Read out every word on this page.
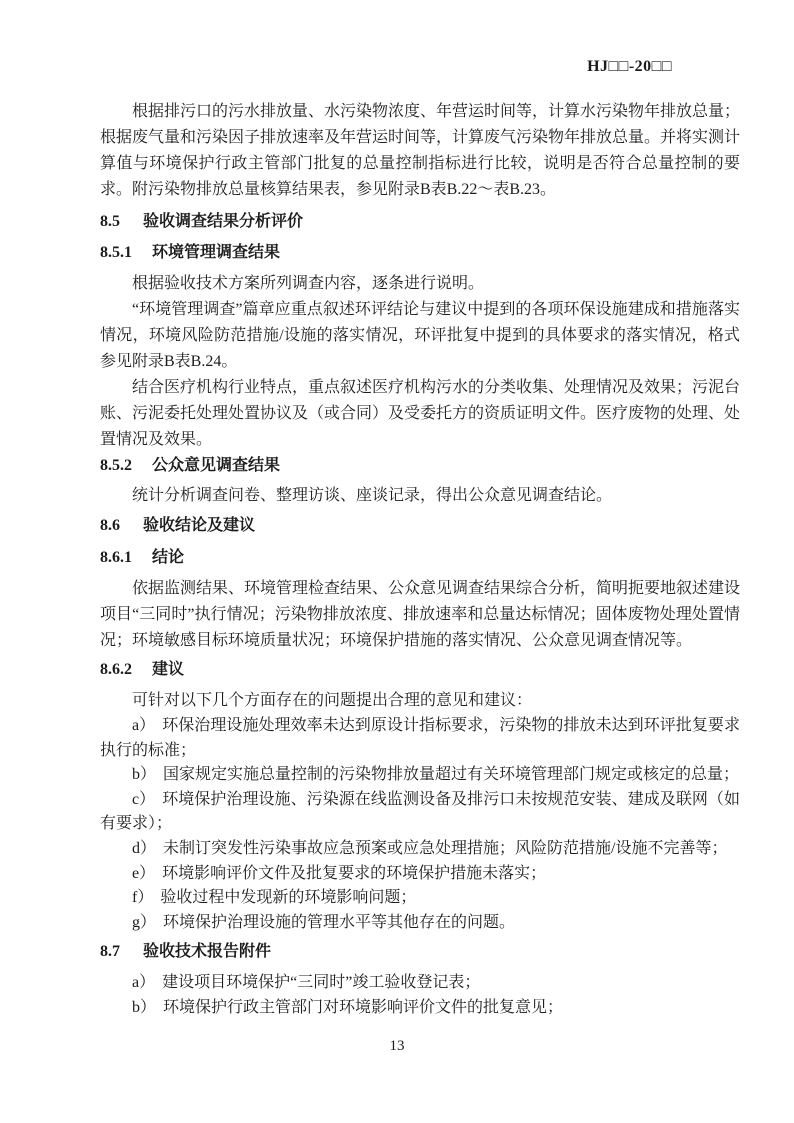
HJ□□-20□□

根据排污口的污水排放量、水污染物浓度、年营运时间等，计算水污染物年排放总量；根据废气量和污染因子排放速率及年营运时间等，计算废气污染物年排放总量。并将实测计算值与环境保护行政主管部门批复的总量控制指标进行比较，说明是否符合总量控制的要求。附污染物排放总量核算结果表，参见附录B表B.22～表B.23。

8.5 验收调查结果分析评价
8.5.1 环境管理调查结果

根据验收技术方案所列调查内容，逐条进行说明。

“环境管理调查”篇章应重点叙述环评结论与建议中提到的各项环保设施建成和措施落实情况，环境风险防范措施/设施的落实情况，环评批复中提到的具体要求的落实情况，格式参见附录B表B.24。

结合医疗机构行业特点，重点叙述医疗机构污水的分类收集、处理情况及效果；污泥台账、污泥委托处理处置协议及（或合同）及受委托方的资质证明文件。医疗废物的处理、处置情况及效果。

8.5.2 公众意见调查结果

统计分析调查问卷、整理访谈、座谈记录，得出公众意见调查结论。

8.6 验收结论及建议
8.6.1 结论

依据监测结果、环境管理检查结果、公众意见调查结果综合分析，简明扼要地叙述建设项目“三同时”执行情况；污染物排放浓度、排放速率和总量达标情况；固体废物处理处置情况；环境敏感目标环境质量状况；环境保护措施的落实情况、公众意见调查情况等。

8.6.2 建议

可针对以下几个方面存在的问题提出合理的意见和建议：

a） 环保治理设施处理效率未达到原设计指标要求，污染物的排放未达到环评批复要求执行的标准；

b） 国家规定实施总量控制的污染物排放量超过有关环境管理部门规定或核定的总量；

c） 环境保护治理设施、污染源在线监测设备及排污口未按规范安装、建成及联网（如有要求）；

d） 未制订突发性污染事故应急预案或应急处理措施；风险防范措施/设施不完善等；

e） 环境影响评价文件及批复要求的环境保护措施未落实；

f） 验收过程中发现新的环境影响问题；

g） 环境保护治理设施的管理水平等其他存在的问题。

8.7 验收技术报告附件

a） 建设项目环境保护“三同时”竣工验收登记表；

b） 环境保护行政主管部门对环境影响评价文件的批复意见；

13
